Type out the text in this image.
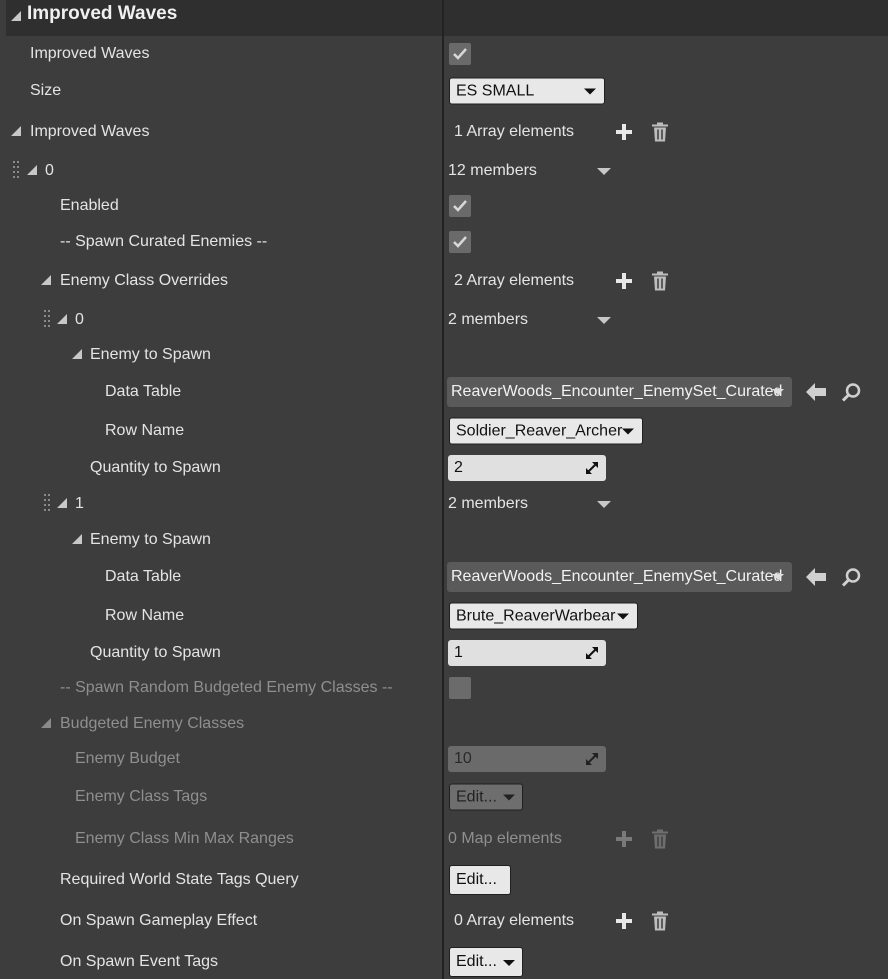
Improved Waves
Improved Waves
Size	ES SMALL
Improved Waves	1 Array elements
0	12 members
Enabled
-- Spawn Curated Enemies --
Enemy Class Overrides	2 Array elements
0	2 members
Enemy to Spawn
Data Table	ReaverWoods_Encounter_EnemySet_Curated
Row Name	Soldier_Reaver_Archer
Quantity to Spawn	2
1	2 members
Enemy to Spawn
Data Table	ReaverWoods_Encounter_EnemySet_Curated
Row Name	Brute_ReaverWarbear
Quantity to Spawn	1
-- Spawn Random Budgeted Enemy Classes --
Budgeted Enemy Classes
Enemy Budget	10
Enemy Class Tags	Edit...
Enemy Class Min Max Ranges	0 Map elements
Required World State Tags Query	Edit...
On Spawn Gameplay Effect	0 Array elements
On Spawn Event Tags	Edit...
